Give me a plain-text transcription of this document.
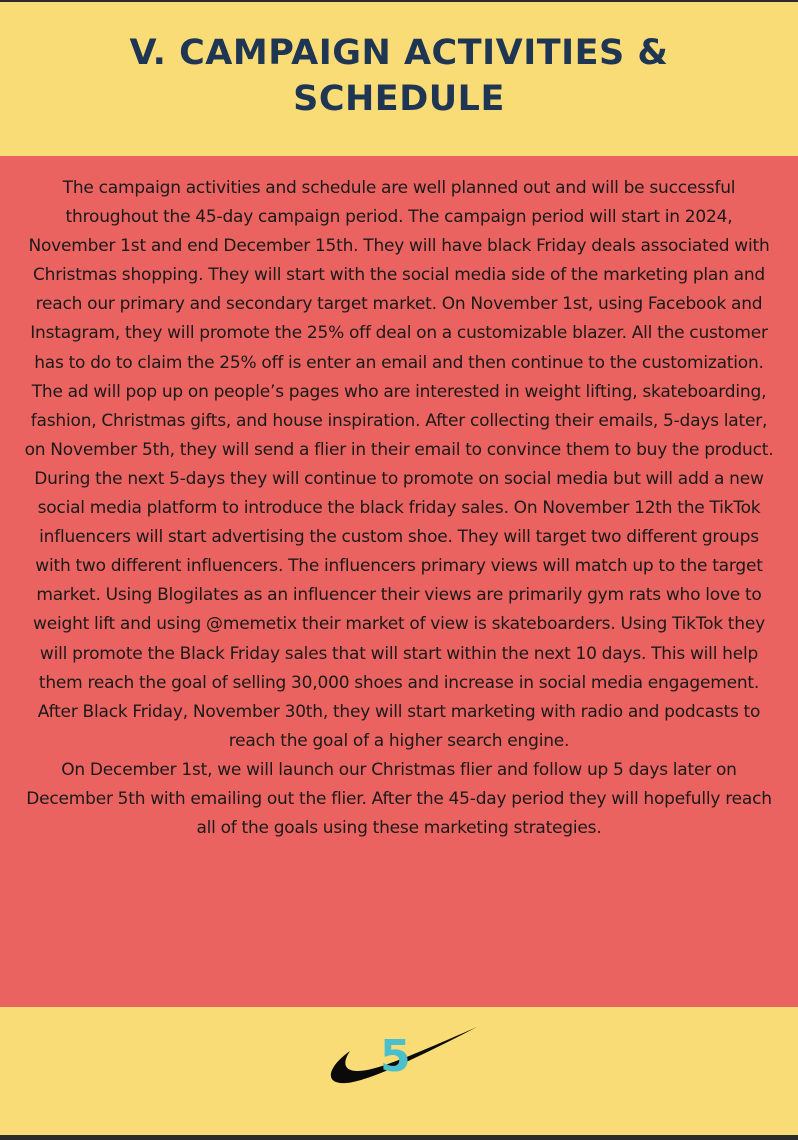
V. CAMPAIGN ACTIVITIES &
SCHEDULE

The campaign activities and schedule are well planned out and will be successful throughout the 45-day campaign period. The campaign period will start in 2024, November 1st and end December 15th. They will have black Friday deals associated with Christmas shopping. They will start with the social media side of the marketing plan and reach our primary and secondary target market. On November 1st, using Facebook and Instagram, they will promote the 25% off deal on a customizable blazer. All the customer has to do to claim the 25% off is enter an email and then continue to the customization. The ad will pop up on people’s pages who are interested in weight lifting, skateboarding, fashion, Christmas gifts, and house inspiration. After collecting their emails, 5-days later, on November 5th, they will send a flier in their email to convince them to buy the product.

During the next 5-days they will continue to promote on social media but will add a new social media platform to introduce the black friday sales. On November 12th the TikTok influencers will start advertising the custom shoe. They will target two different groups with two different influencers. The influencers primary views will match up to the target market. Using Blogilates as an influencer their views are primarily gym rats who love to weight lift and using @memetix their market of view is skateboarders. Using TikTok they will promote the Black Friday sales that will start within the next 10 days. This will help them reach the goal of selling 30,000 shoes and increase in social media engagement. After Black Friday, November 30th, they will start marketing with radio and podcasts to reach the goal of a higher search engine.

On December 1st, we will launch our Christmas flier and follow up 5 days later on December 5th with emailing out the flier. After the 45-day period they will hopefully reach all of the goals using these marketing strategies.

5
